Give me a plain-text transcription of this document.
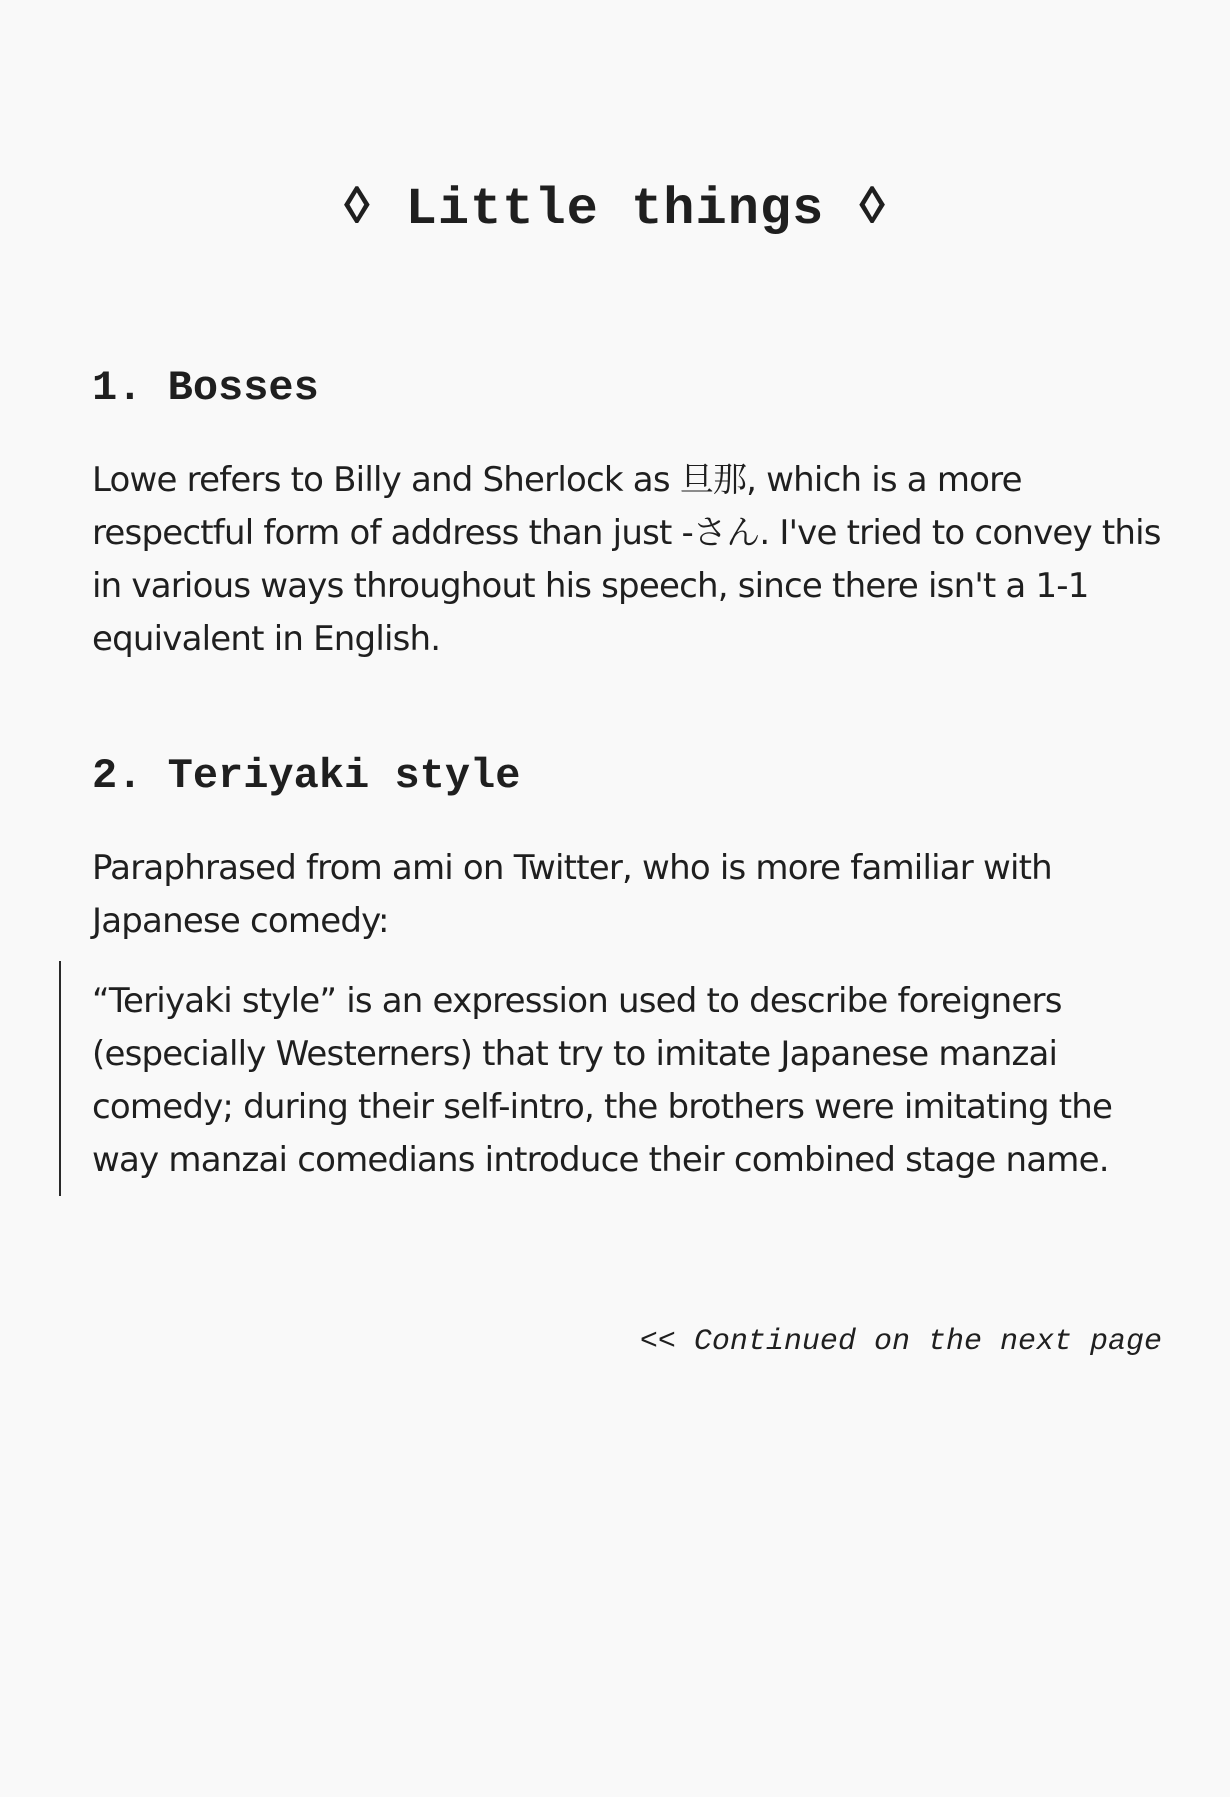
◊ Little things ◊
1. Bosses

Lowe refers to Billy and Sherlock as 旦那, which is a more respectful form of address than just -さん. I've tried to convey this in various ways throughout his speech, since there isn't a 1-1 equivalent in English.

2. Teriyaki style

Paraphrased from ami on Twitter, who is more familiar with Japanese comedy:

“Teriyaki style” is an expression used to describe foreigners (especially Westerners) that try to imitate Japanese manzai comedy; during their self-intro, the brothers were imitating the way manzai comedians introduce their combined stage name.

<< Continued on the next page
